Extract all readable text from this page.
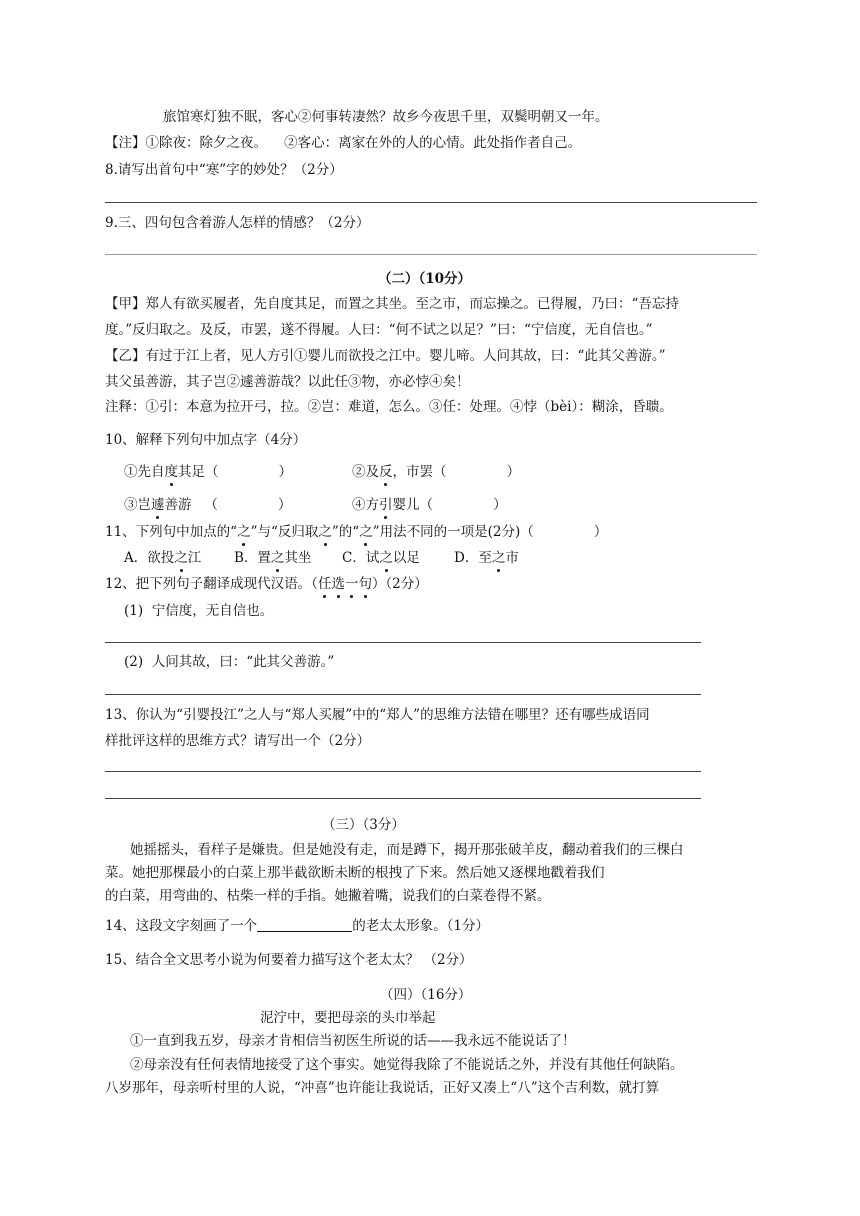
旅馆寒灯独不眠，客心②何事转凄然？故乡今夜思千里，双鬓明朝又一年。
【注】①除夜：除夕之夜。    ②客心：离家在外的人的心情。此处指作者自己。
8.请写出首句中“寒”字的妙处？（2分）
9.三、四句包含着游人怎样的情感？（2分）
（二）（10分）
【甲】郑人有欲买履者，先自度其足，而置之其坐。至之市，而忘操之。已得履，乃曰：“吾忘持
度。”反归取之。及反，市罢，遂不得履。人曰：“何不试之以足？”曰：“宁信度，无自信也。”
【乙】有过于江上者，见人方引①婴儿而欲投之江中。婴儿啼。人问其故，曰：“此其父善游。”
其父虽善游，其子岂②遽善游哉？以此任③物，亦必悖④矣！
注释：①引：本意为拉开弓，拉。②岂：难道，怎么。③任：处理。④悖（bèi）：糊涂，昏聩。
10、解释下列句中加点字（4分）
①先自度其足（              ）	②及反，市罢（              ）
③岂遽善游   （              ）	④方引婴儿（              ）
11、下列句中加点的“之”与“反归取之”的“之”用法不同的一项是(2分)（              ）
A．欲投之江 B．置之其坐 C．试之以足	D．至之市
12、把下列句子翻译成现代汉语。（任选一句）（2分）
(1)  宁信度，无自信也。
(2)  人问其故，曰：“此其父善游。”
13、你认为“引婴投江”之人与“郑人买履”中的“郑人”的思维方法错在哪里？还有哪些成语同
样批评这样的思维方式？请写出一个（2分）
（三）（3分）
她摇摇头，看样子是嫌贵。但是她没有走，而是蹲下，揭开那张破羊皮，翻动着我们的三棵白
菜。她把那棵最小的白菜上那半截欲断未断的根拽了下来。然后她又逐棵地戳着我们
的白菜，用弯曲的、枯柴一样的手指。她撇着嘴，说我们的白菜卷得不紧。
14、这段文字刻画了一个	的老太太形象。（1分）
15、结合全文思考小说为何要着力描写这个老太太？ （2分）
（四）（16分）
泥泞中，要把母亲的头巾举起
①一直到我五岁，母亲才肯相信当初医生所说的话——我永远不能说话了！
②母亲没有任何表情地接受了这个事实。她觉得我除了不能说话之外，并没有其他任何缺陷。
八岁那年，母亲听村里的人说，“冲喜”也许能让我说话，正好又凑上“八”这个吉利数，就打算
